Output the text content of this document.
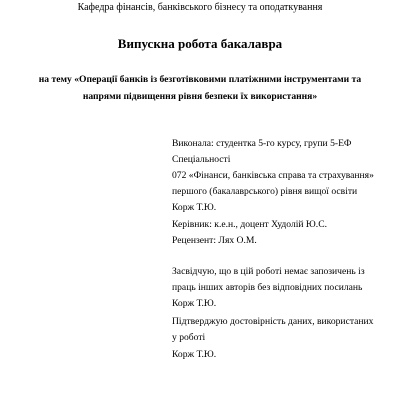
Кафедра фінансів, банківського бізнесу та оподаткування
Випускна робота бакалавра
на тему «Операції банків із безготівковими платіжними інструментами та
напрями підвищення рівня безпеки їх використання»
Виконала: студентка 5-го курсу, групи 5-ЕФ
Спеціальності
072 «Фінанси, банківська справа та страхування»
першого (бакалаврського) рівня вищої освіти
Корж Т.Ю.
Керівник: к.е.н., доцент Худолій Ю.С.
Рецензент: Лях О.М.
Засвідчую, що в цій роботі немає запозичень із
праць інших авторів без відповідних посилань
Корж Т.Ю.
Підтверджую достовірність даних, використаних
у роботі
Корж Т.Ю.
